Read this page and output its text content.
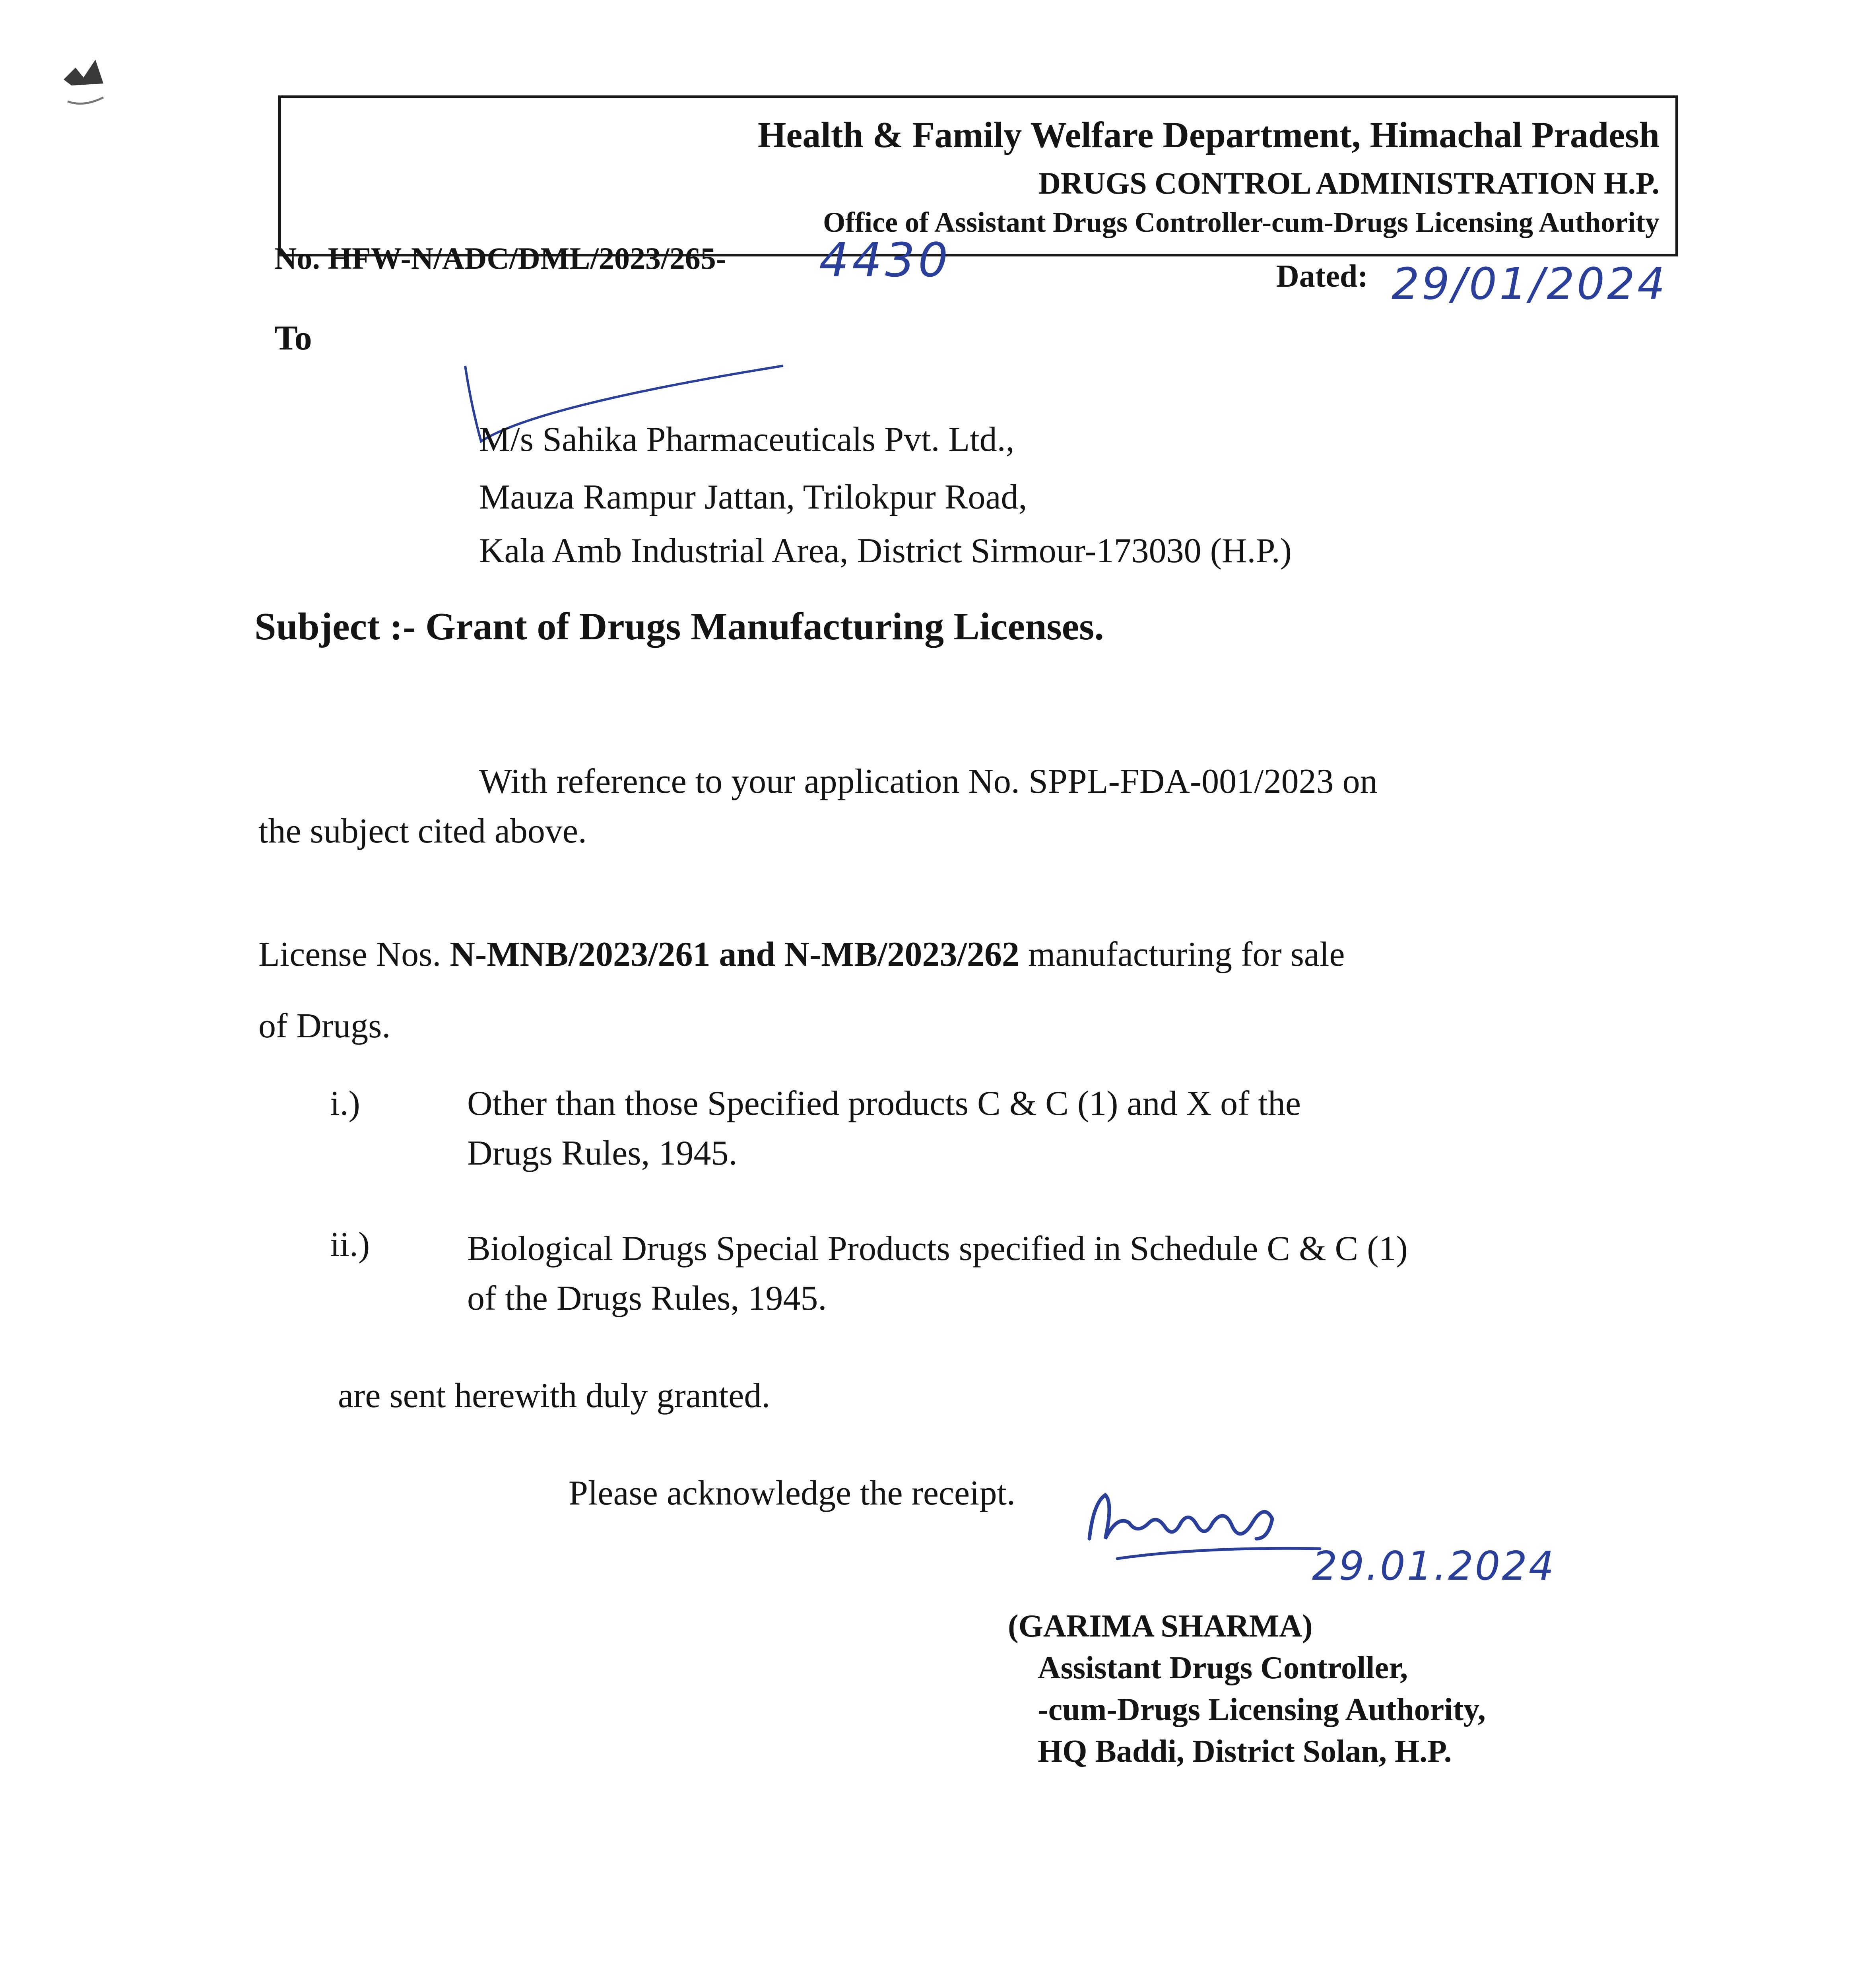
Health & Family Welfare Department, Himachal Pradesh
DRUGS CONTROL ADMINISTRATION H.P.
Office of Assistant Drugs Controller-cum-Drugs Licensing Authority
No. HFW-N/ADC/DML/2023/265- 4430	Dated: 29/01/2024
To
M/s Sahika Pharmaceuticals Pvt. Ltd.,
Mauza Rampur Jattan, Trilokpur Road,
Kala Amb Industrial Area, District Sirmour-173030 (H.P.)
Subject :- Grant of Drugs Manufacturing Licenses.
With reference to your application No. SPPL-FDA-001/2023 on
the subject cited above.
License Nos. N-MNB/2023/261 and N-MB/2023/262 manufacturing for sale
of Drugs.
i.)	Other than those Specified products C & C (1) and X of the
Drugs Rules, 1945.
ii.)	Biological Drugs Special Products specified in Schedule C & C (1)
of the Drugs Rules, 1945.
are sent herewith duly granted.
Please acknowledge the receipt.
29.01.2024
(GARIMA SHARMA)
Assistant Drugs Controller,
-cum-Drugs Licensing Authority,
HQ Baddi, District Solan, H.P.
